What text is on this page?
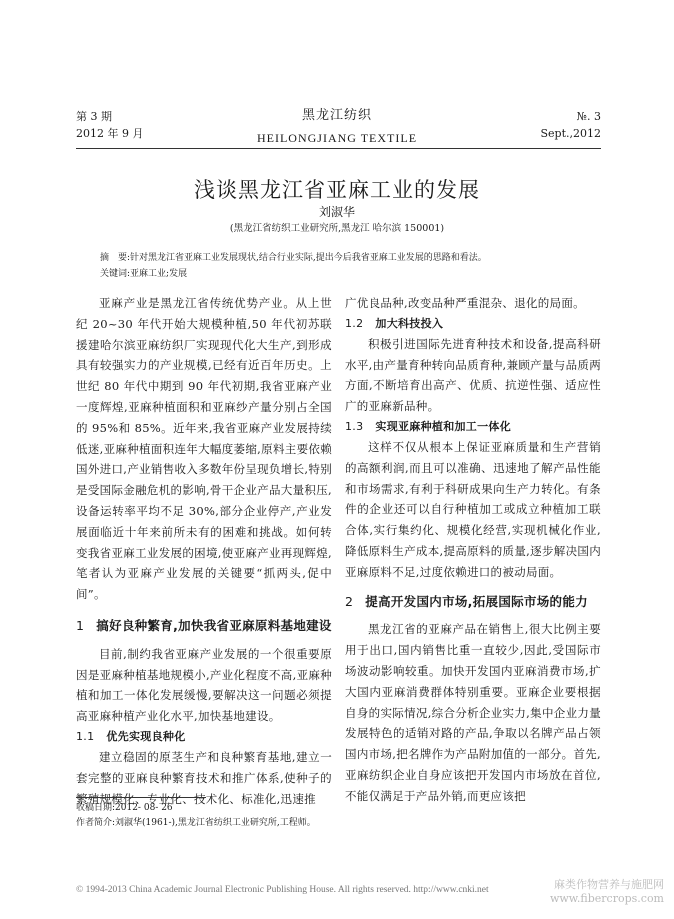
第 3 期
2012 年 9 月
黑龙江纺织
HEILONGJIANG TEXTILE
№. 3
Sept.,2012
浅谈黑龙江省亚麻工业的发展
刘淑华
(黑龙江省纺织工业研究所,黑龙江 哈尔滨 150001)
摘　要:针对黑龙江省亚麻工业发展现状,结合行业实际,提出今后我省亚麻工业发展的思路和看法。
关键词:亚麻工业;发展

亚麻产业是黑龙江省传统优势产业。从上世纪 20~30 年代开始大规模种植,50 年代初苏联援建哈尔滨亚麻纺织厂实现现代化大生产,到形成具有较强实力的产业规模,已经有近百年历史。上世纪 80 年代中期到 90 年代初期,我省亚麻产业一度辉煌,亚麻种植面积和亚麻纱产量分别占全国的 95%和 85%。近年来,我省亚麻产业发展持续低迷,亚麻种植面积连年大幅度萎缩,原料主要依赖国外进口,产业销售收入多数年份呈现负增长,特别是受国际金融危机的影响,骨干企业产品大量积压,设备运转率平均不足 30%,部分企业停产,产业发展面临近十年来前所未有的困难和挑战。如何转变我省亚麻工业发展的困境,使亚麻产业再现辉煌,笔者认为亚麻产业发展的关键要“抓两头,促中间”。

1 搞好良种繁育,加快我省亚麻原料基地建设

目前,制约我省亚麻产业发展的一个很重要原因是亚麻种植基地规模小,产业化程度不高,亚麻种植和加工一体化发展缓慢,要解决这一问题必须提高亚麻种植产业化水平,加快基地建设。

1.1 优先实现良种化

建立稳固的原茎生产和良种繁育基地,建立一套完整的亚麻良种繁育技术和推广体系,使种子的繁殖规模化、专业化、技术化、标准化,迅速推

广优良品种,改变品种严重混杂、退化的局面。

1.2 加大科技投入

积极引进国际先进育种技术和设备,提高科研水平,由产量育种转向品质育种,兼顾产量与品质两方面,不断培育出高产、优质、抗逆性强、适应性广的亚麻新品种。

1.3 实现亚麻种植和加工一体化

这样不仅从根本上保证亚麻质量和生产营销的高额利润,而且可以准确、迅速地了解产品性能和市场需求,有利于科研成果向生产力转化。有条件的企业还可以自行种植加工或成立种植加工联合体,实行集约化、规模化经营,实现机械化作业,降低原料生产成本,提高原料的质量,逐步解决国内亚麻原料不足,过度依赖进口的被动局面。

2 提高开发国内市场,拓展国际市场的能力

黑龙江省的亚麻产品在销售上,很大比例主要用于出口,国内销售比重一直较少,因此,受国际市场波动影响较重。加快开发国内亚麻消费市场,扩大国内亚麻消费群体特别重要。亚麻企业要根据自身的实际情况,综合分析企业实力,集中企业力量发展特色的适销对路的产品,争取以名牌产品占领国内市场,把名牌作为产品附加值的一部分。首先,亚麻纺织企业自身应该把开发国内市场放在首位,不能仅满足于产品外销,而更应该把

收稿日期:2012- 08- 26
作者简介:刘淑华(1961-),黑龙江省纺织工业研究所,工程师。
© 1994-2013 China Academic Journal Electronic Publishing House. All rights reserved. http://www.cnki.net	麻类作物营养与施肥网
www.fibercrops.com
